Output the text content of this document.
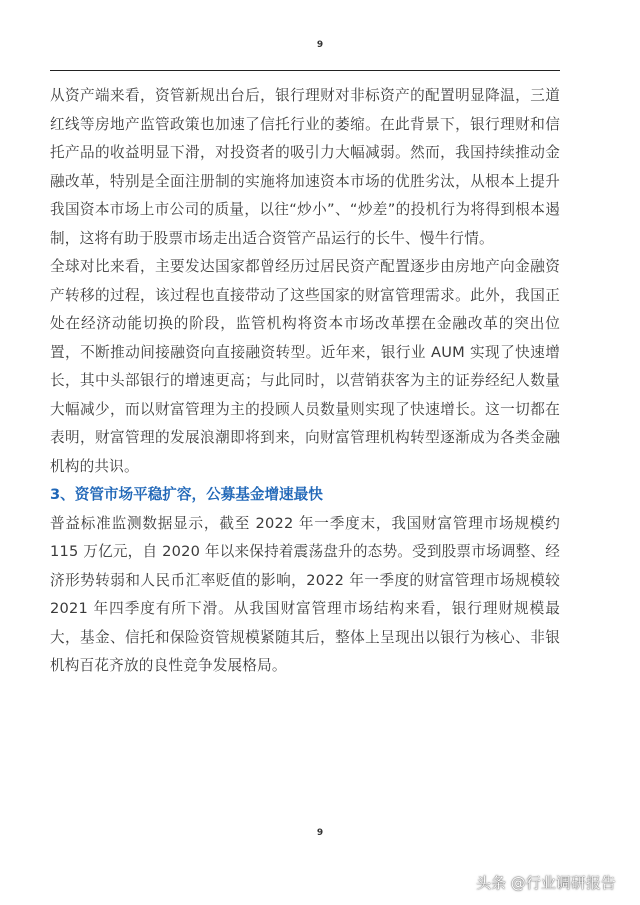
9

从资产端来看，资管新规出台后，银行理财对非标资产的配置明显降温，三道红线等房地产监管政策也加速了信托行业的萎缩。在此背景下，银行理财和信托产品的收益明显下滑，对投资者的吸引力大幅减弱。然而，我国持续推动金融改革，特别是全面注册制的实施将加速资本市场的优胜劣汰，从根本上提升我国资本市场上市公司的质量，以往“炒小”、“炒差”的投机行为将得到根本遏制，这将有助于股票市场走出适合资管产品运行的长牛、慢牛行情。

全球对比来看，主要发达国家都曾经历过居民资产配置逐步由房地产向金融资产转移的过程，该过程也直接带动了这些国家的财富管理需求。此外，我国正处在经济动能切换的阶段，监管机构将资本市场改革摆在金融改革的突出位置，不断推动间接融资向直接融资转型。近年来，银行业 AUM 实现了快速增长，其中头部银行的增速更高；与此同时，以营销获客为主的证券经纪人数量大幅减少，而以财富管理为主的投顾人员数量则实现了快速增长。这一切都在表明，财富管理的发展浪潮即将到来，向财富管理机构转型逐渐成为各类金融机构的共识。

3、资管市场平稳扩容，公募基金增速最快

普益标准监测数据显示，截至 2022 年一季度末，我国财富管理市场规模约 115 万亿元，自 2020 年以来保持着震荡盘升的态势。受到股票市场调整、经济形势转弱和人民币汇率贬值的影响，2022 年一季度的财富管理市场规模较 2021 年四季度有所下滑。从我国财富管理市场结构来看，银行理财规模最大，基金、信托和保险资管规模紧随其后，整体上呈现出以银行为核心、非银机构百花齐放的良性竞争发展格局。

9
头条 @行业调研报告
